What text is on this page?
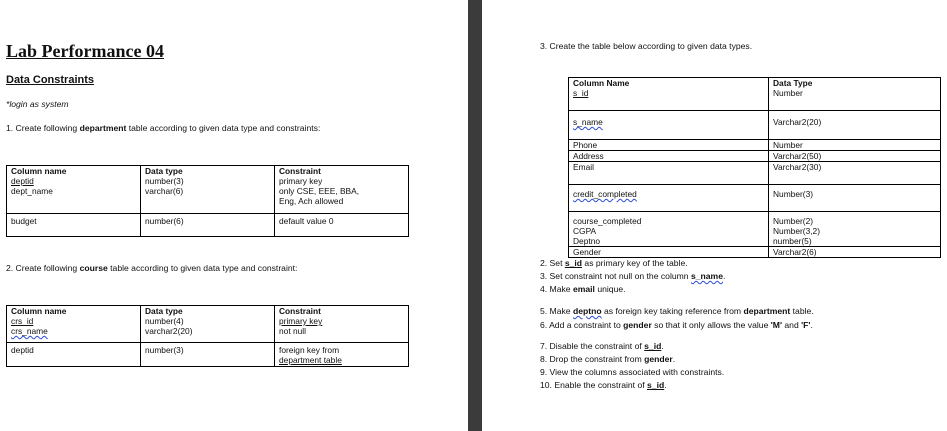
Lab Performance 04
Data Constraints
*login as system
1. Create following department table according to given data type and constraints:
Column name	Data type	Constraint
deptid	number(3)	primary key
dept_name	varchar(6)	only CSE, EEE, BBA,
		Eng, Ach allowed
budget	number(6)	default value 0
2. Create following course table according to given data type and constraint:
Column name	Data type	Constraint
crs_id	number(4)	primary key
crs_name	varchar2(20)	not null
deptid	number(3)	foreign key from
		department table
3. Create the table below according to given data types.
Column Name	Data Type
s_id	Number
s_name	Varchar2(20)
Phone	Number
Address	Varchar2(50)
Email	Varchar2(30)
credit_completed	Number(3)
course_completed	Number(2)
CGPA	Number(3,2)
Deptno	number(5)
Gender	Varchar2(6)
2. Set s_id as primary key of the table.
3. Set constraint not null on the column s_name.
4. Make email unique.
5. Make deptno as foreign key taking reference from department table.
6. Add a constraint to gender so that it only allows the value 'M' and 'F'.
7. Disable the constraint of s_id.
8. Drop the constraint from gender.
9. View the columns associated with constraints.
10. Enable the constraint of s_id.
